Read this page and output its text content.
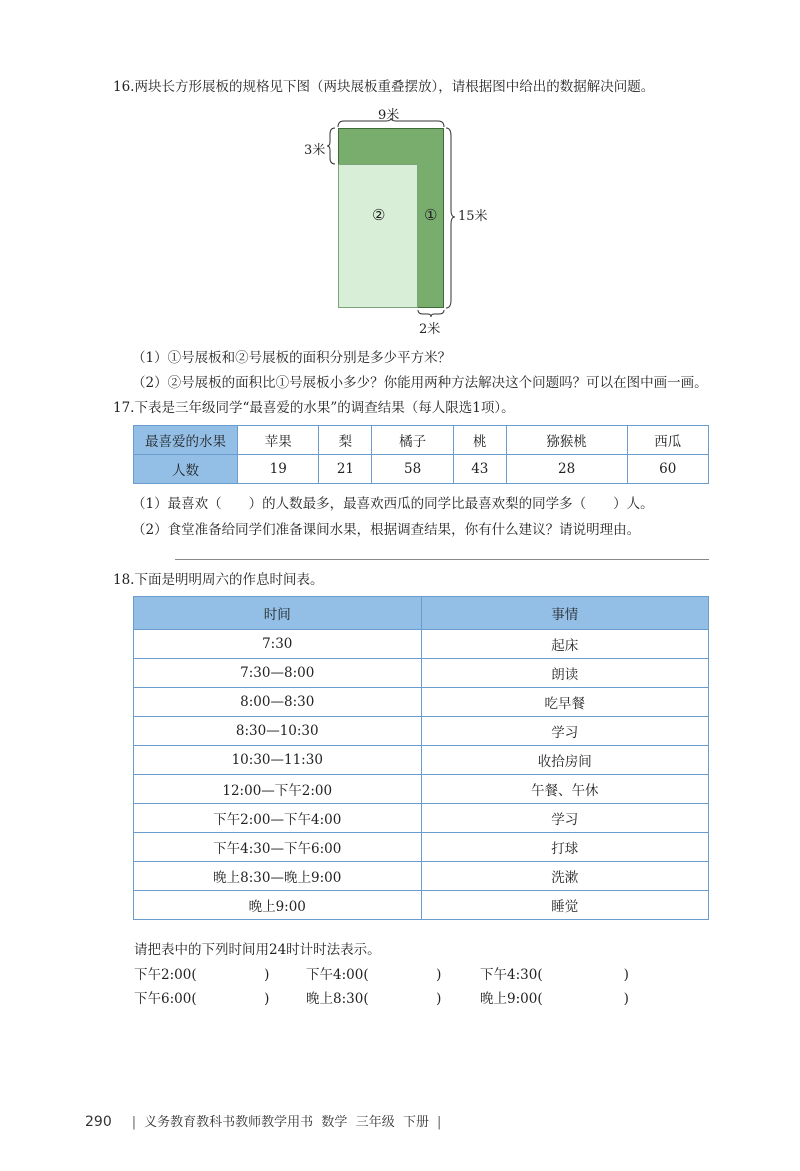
16.两块长方形展板的规格见下图（两块展板重叠摆放），请根据图中给出的数据解决问题。
9米
3米
②	① 15米
2米
（1）①号展板和②号展板的面积分别是多少平方米？
（2）②号展板的面积比①号展板小多少？你能用两种方法解决这个问题吗？可以在图中画一画。
17.下表是三年级同学“最喜爱的水果”的调查结果（每人限选1项）。
最喜爱的水果	苹果	梨	橘子	桃	猕猴桃	西瓜
人数	19	21	58	43	28	60
（1）最喜欢（　　）的人数最多，最喜欢西瓜的同学比最喜欢梨的同学多（　　）人。
（2）食堂准备给同学们准备课间水果，根据调查结果，你有什么建议？请说明理由。
18.下面是明明周六的作息时间表。
时间	事情
7:30	起床
7:30—8:00	朗读
8:00—8:30	吃早餐
8:30—10:30	学习
10:30—11:30	收拾房间
12:00—下午2:00	午餐、午休
下午2:00—下午4:00	学习
下午4:30—下午6:00	打球
晚上8:30—晚上9:00	洗漱
晚上9:00	睡觉
请把表中的下列时间用24时计时法表示。
下午2:00(　　　　　)	下午4:00(　　　　　)	下午4:30(　　　　　　)
下午6:00(　　　　　)	晚上8:30(　　　　　)	晚上9:00(　　　　　　)
290 | 义务教育教科书教师教学用书 数学 三年级 下册 |
